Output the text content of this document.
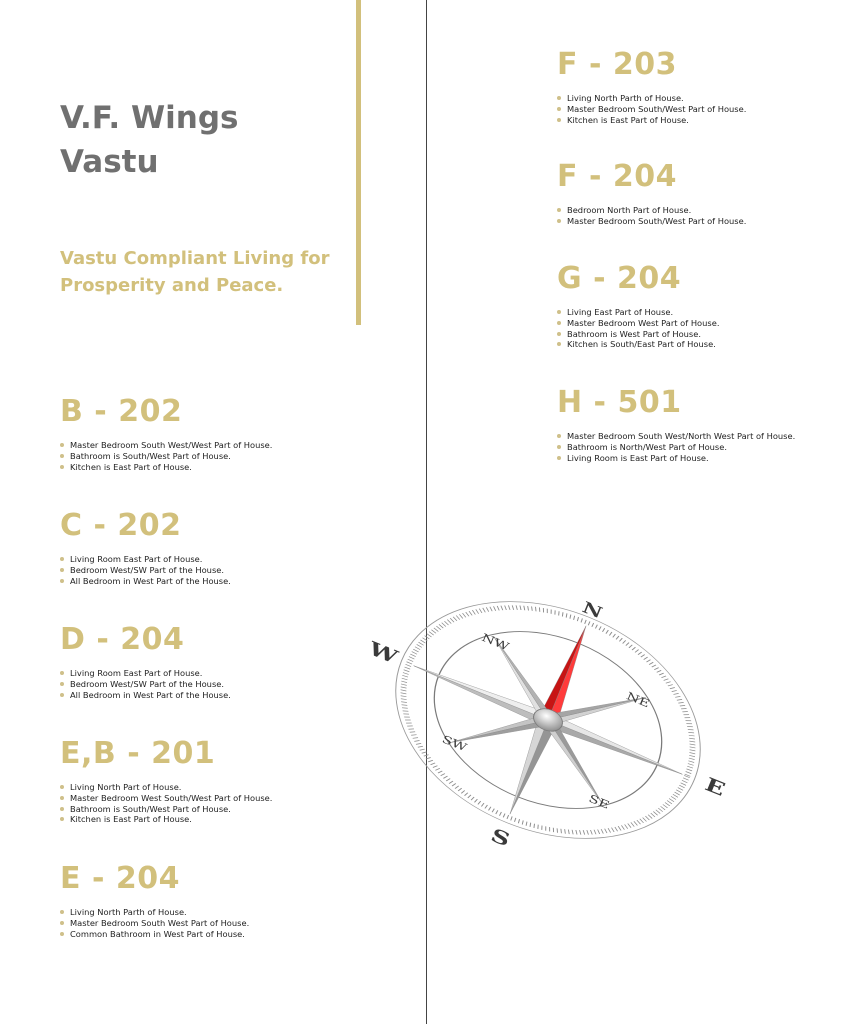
V.F. Wings
Vastu

Vastu Compliant Living for
Prosperity and Peace.

B - 202
Master Bedroom South West/West Part of House.
Bathroom is South/West Part of House.
Kitchen is East Part of House.
C - 202
Living Room East Part of House.
Bedroom West/SW Part of the House.
All Bedroom in West Part of the House.
D - 204
Living Room East Part of House.
Bedroom West/SW Part of the House.
All Bedroom in West Part of the House.
E,B - 201
Living North Part of House.
Master Bedroom West South/West Part of House.
Bathroom is South/West Part of House.
Kitchen is East Part of House.
E - 204
Living North Parth of House.
Master Bedroom South West Part of House.
Common Bathroom in West Part of House.
F - 203
Living North Parth of House.
Master Bedroom South/West Part of House.
Kitchen is East Part of House.
F - 204
Bedroom North Part of House.
Master Bedroom South/West Part of House.
G - 204
Living East Part of House.
Master Bedroom West Part of House.
Bathroom is West Part of House.
Kitchen is South/East Part of House.
H - 501
Master Bedroom South West/North West Part of House.
Bathroom is North/West Part of House.
Living Room is East Part of House.
N
E
S
W
NE
SE
SW
NW
